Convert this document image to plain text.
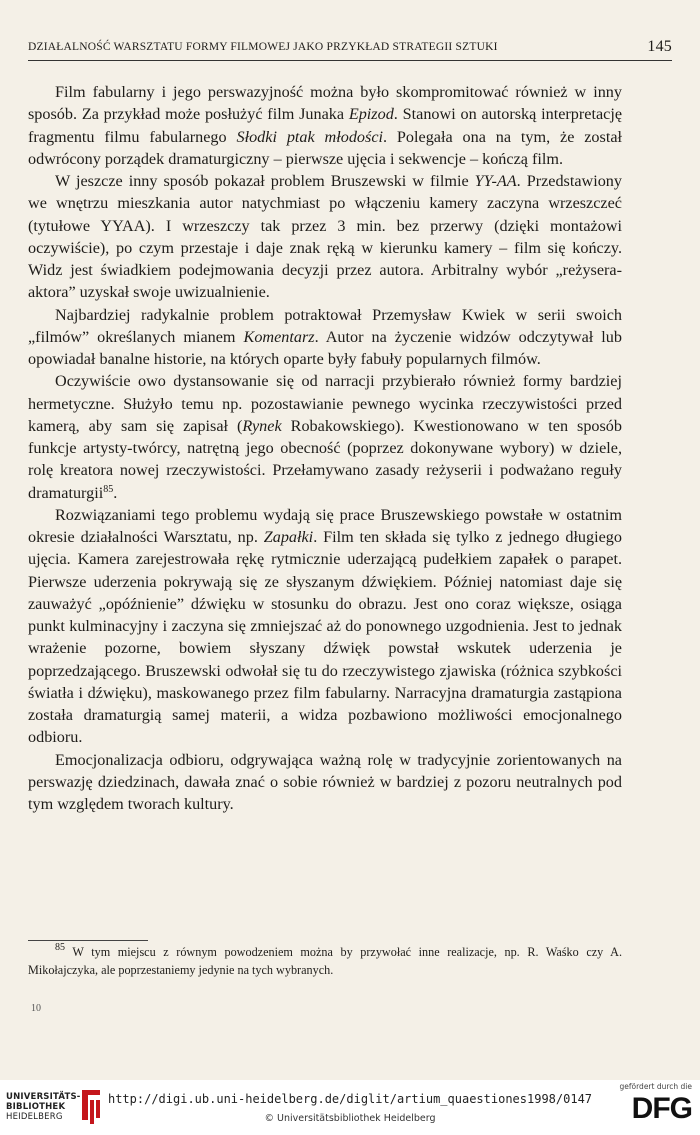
DZIAŁALNOŚĆ WARSZTATU FORMY FILMOWEJ JAKO PRZYKŁAD STRATEGII SZTUKI	145

Film fabularny i jego perswazyjność można było skompromitować również w inny sposób. Za przykład może posłużyć film Junaka Epizod. Stanowi on autorską interpretację fragmentu filmu fabularnego Słodki ptak młodości. Polegała ona na tym, że został odwrócony porządek dramaturgiczny – pierwsze ujęcia i sekwencje – kończą film.

W jeszcze inny sposób pokazał problem Bruszewski w filmie YY-AA. Przedstawiony we wnętrzu mieszkania autor natychmiast po włączeniu kamery zaczyna wrzeszczeć (tytułowe YYAA). I wrzeszczy tak przez 3 min. bez przerwy (dzięki montażowi oczywiście), po czym przestaje i daje znak ręką w kierunku kamery – film się kończy. Widz jest świadkiem podejmowania decyzji przez autora. Arbitralny wybór „reżysera-aktora” uzyskał swoje uwizualnienie.

Najbardziej radykalnie problem potraktował Przemysław Kwiek w serii swoich „filmów” określanych mianem Komentarz. Autor na życzenie widzów odczytywał lub opowiadał banalne historie, na których oparte były fabuły popularnych filmów.

Oczywiście owo dystansowanie się od narracji przybierało również formy bardziej hermetyczne. Służyło temu np. pozostawianie pewnego wycinka rzeczywistości przed kamerą, aby sam się zapisał (Rynek Robakowskiego). Kwestionowano w ten sposób funkcje artysty-twórcy, natrętną jego obecność (poprzez dokonywane wybory) w dziele, rolę kreatora nowej rzeczywistości. Przełamywano zasady reżyserii i podważano reguły dramaturgii$^{85}$.

Rozwiązaniami tego problemu wydają się prace Bruszewskiego powstałe w ostatnim okresie działalności Warsztatu, np. Zapałki. Film ten składa się tylko z jednego długiego ujęcia. Kamera zarejestrowała rękę rytmicznie uderzającą pudełkiem zapałek o parapet. Pierwsze uderzenia pokrywają się ze słyszanym dźwiękiem. Później natomiast daje się zauważyć „opóźnienie” dźwięku w stosunku do obrazu. Jest ono coraz większe, osiąga punkt kulminacyjny i zaczyna się zmniejszać aż do ponownego uzgodnienia. Jest to jednak wrażenie pozorne, bowiem słyszany dźwięk powstał wskutek uderzenia je poprzedzającego. Bruszewski odwołał się tu do rzeczywistego zjawiska (różnica szybkości światła i dźwięku), maskowanego przez film fabularny. Narracyjna dramaturgia zastąpiona została dramaturgią samej materii, a widza pozbawiono możliwości emocjonalnego odbioru.

Emocjonalizacja odbioru, odgrywająca ważną rolę w tradycyjnie zorientowanych na perswazję dziedzinach, dawała znać o sobie również w bardziej z pozoru neutralnych pod tym względem tworach kultury.

$^{85}$ W tym miejscu z równym powodzeniem można by przywołać inne realizacje, np. R. Waśko czy A. Mikołajczyka, ale poprzestaniemy jedynie na tych wybranych.

10
UNIVERSITÄTS-
BIBLIOTHEK
HEIDELBERG
http://digi.ub.uni-heidelberg.de/diglit/artium_quaestiones1998/0147
© Universitätsbibliothek Heidelberg
gefördert durch die
DFG
